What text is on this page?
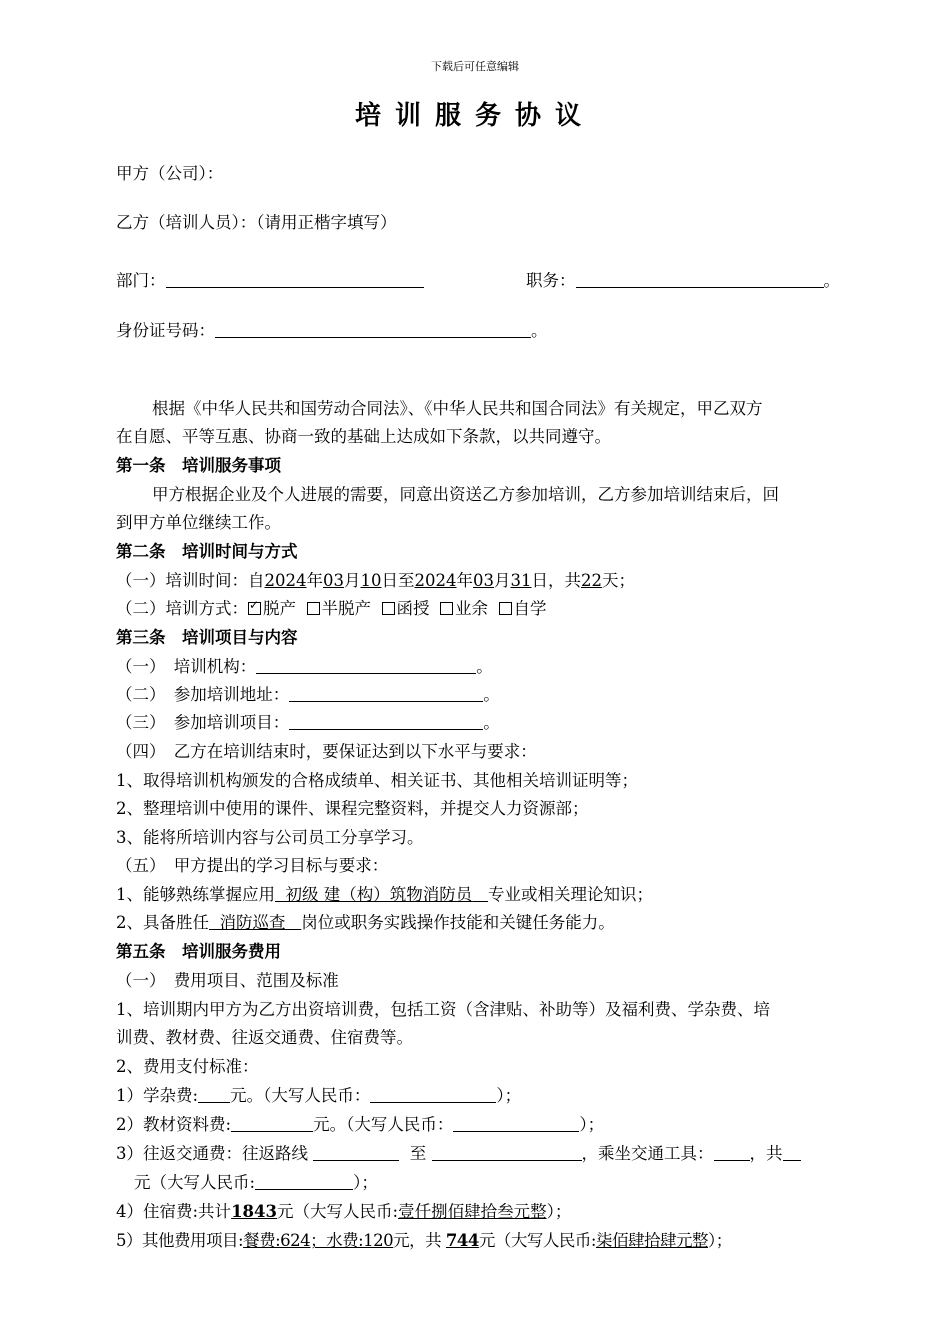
下载后可任意编辑
培训服务协议
甲方（公司）：
乙方（培训人员）：（请用正楷字填写）
部门：	职务：	。
身份证号码：	。
根据《中华人民共和国劳动合同法》、《中华人民共和国合同法》有关规定，甲乙双方
在自愿、平等互惠、协商一致的基础上达成如下条款，以共同遵守。
第一条　培训服务事项
甲方根据企业及个人进展的需要，同意出资送乙方参加培训，乙方参加培训结束后，回
到甲方单位继续工作。
第二条　培训时间与方式
（一）培训时间：自2024年03月10日至2024年03月31日，共22天；
（二）培训方式：✓ 脱产 半脱产 函授 业余 自学
第三条　培训项目与内容
（一）　培训机构：	。
（二）　参加培训地址：	。
（三）　参加培训项目：	。
（四）　乙方在培训结束时，要保证达到以下水平与要求：
1、取得培训机构颁发的合格成绩单、相关证书、其他相关培训证明等；
2、整理培训中使用的课件、课程完整资料，并提交人力资源部；
3、能将所培训内容与公司员工分享学习。
（五）　甲方提出的学习目标与要求：
1、能够熟练掌握应用 初级 建（构）筑物消防员 专业或相关理论知识；
2、具备胜任 消防巡查 岗位或职务实践操作技能和关键任务能力。
第五条　培训服务费用
（一）　费用项目、范围及标准
1、培训期内甲方为乙方出资培训费，包括工资（含津贴、补助等）及福利费、学杂费、培
训费、教材费、往返交通费、住宿费等。
2、费用支付标准：
1）学杂费: 元。（大写人民币：	）；
2）教材资料费:	元。（大写人民币：	）；
3）往返交通费：往返路线	至	，乘坐交通工具： ，共
元（大写人民币:	）；
4）住宿费:共计1843元（大写人民币:壹仟捌佰肆拾叁元整）；
5）其他费用项目:餐费:624；水费:120元，共 744元（大写人民币:柒佰肆拾肆元整）；
